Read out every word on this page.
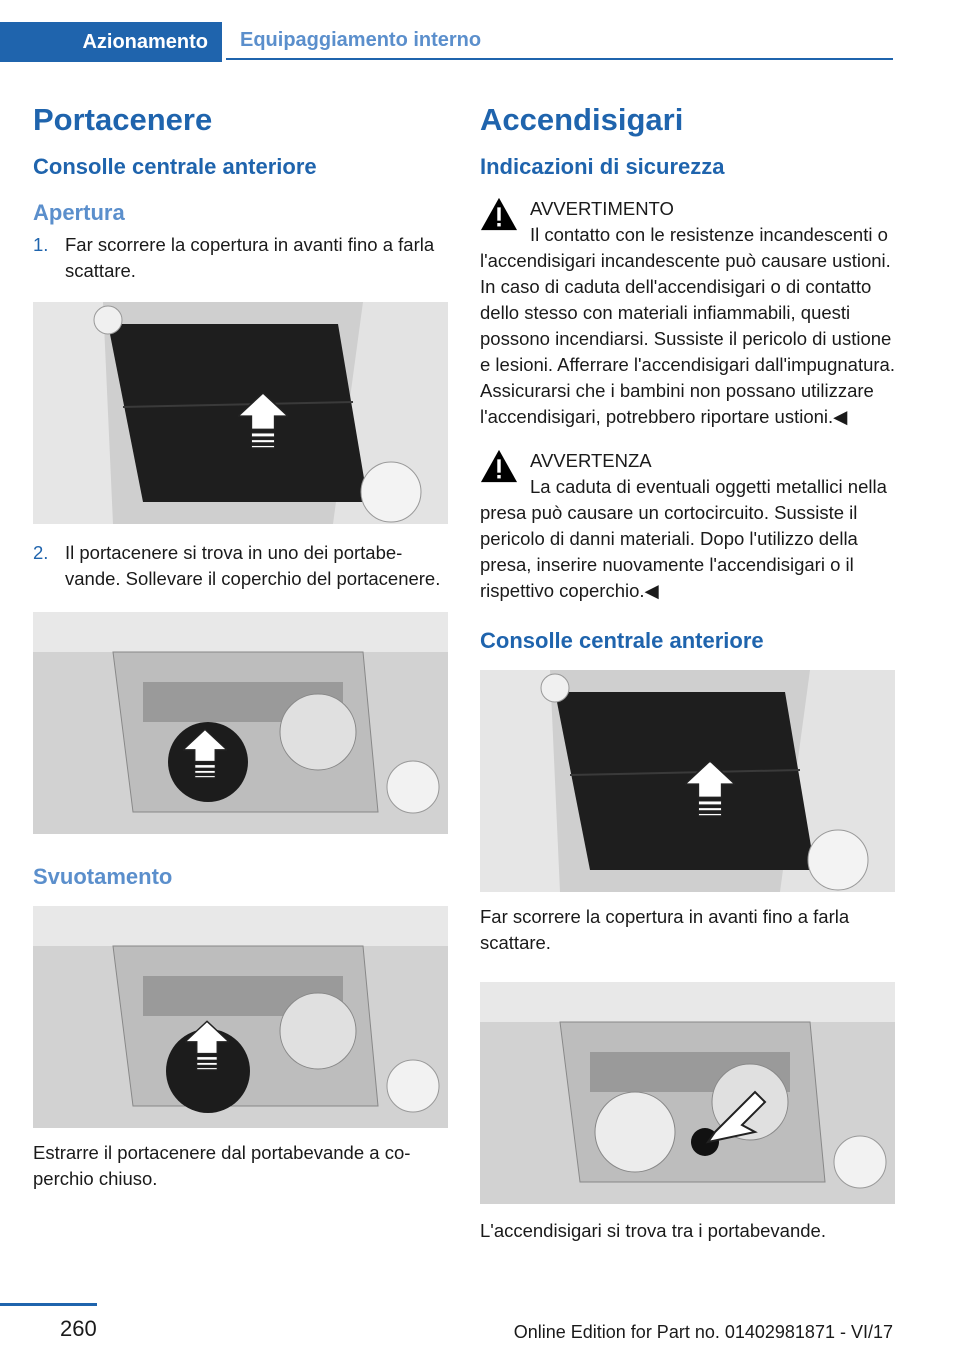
Azionamento Equipaggiamento interno
Portacenere
Consolle centrale anteriore
Apertura
1. Far scorrere la copertura in avanti fino a farla scattare.
2. Il portacenere si trova in uno dei portabevande. Sollevare il coperchio del portacenere.
Svuotamento

Estrarre il portacenere dal portabevande a coperchio chiuso.

Accendisigari
Indicazioni di sicurezza

AVVERTIMENTO

Il contatto con le resistenze incandescenti o l'accendisigari incandescente può causare ustioni. In caso di caduta dell'accendisigari o di contatto dello stesso con materiali infiammabili, questi possono incendiarsi. Sussiste il pericolo di ustione e lesioni. Afferrare l'accendisigari dall'impugnatura. Assicurarsi che i bambini non possano utilizzare l'accendisigari, potrebbero riportare ustioni.◀

AVVERTENZA

La caduta di eventuali oggetti metallici nella presa può causare un cortocircuito. Sussiste il pericolo di danni materiali. Dopo l'utilizzo della presa, inserire nuovamente l'accendisigari o il rispettivo coperchio.◀

Consolle centrale anteriore

Far scorrere la copertura in avanti fino a farla scattare.

L'accendisigari si trova tra i portabevande.

260	Online Edition for Part no. 01402981871 - VI/17
